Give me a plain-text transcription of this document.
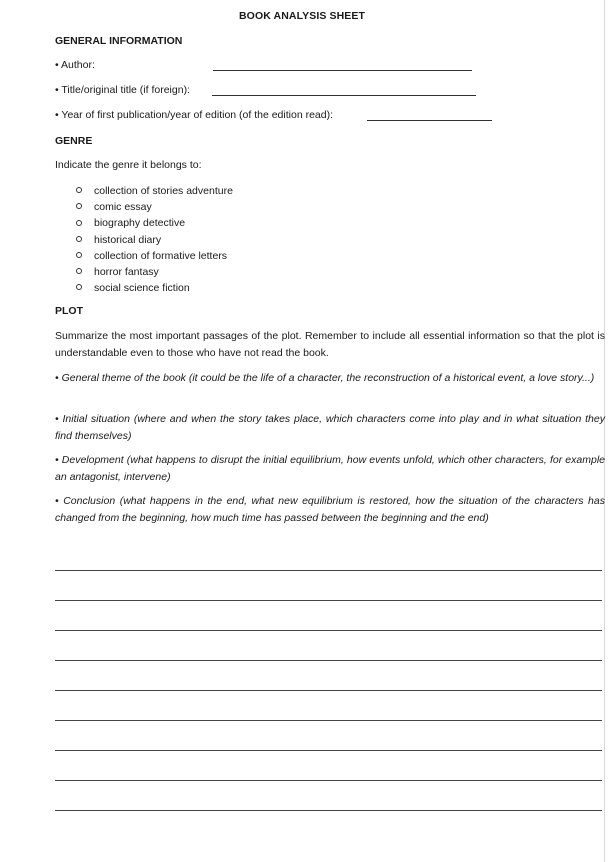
BOOK ANALYSIS SHEET
GENERAL INFORMATION
• Author:
• Title/original title (if foreign):
• Year of first publication/year of edition (of the edition read):
GENRE
Indicate the genre it belongs to:
collection of stories adventure
comic essay
biography detective
historical diary
collection of formative letters
horror fantasy
social science fiction
PLOT
Summarize the most important passages of the plot. Remember to include all essential information so that the plot is understandable even to those who have not read the book.
• General theme of the book (it could be the life of a character, the reconstruction of a historical event, a love story...)
• Initial situation (where and when the story takes place, which characters come into play and in what situation they find themselves)
• Development (what happens to disrupt the initial equilibrium, how events unfold, which other characters, for example an antagonist, intervene)
• Conclusion (what happens in the end, what new equilibrium is restored, how the situation of the characters has changed from the beginning, how much time has passed between the beginning and the end)
